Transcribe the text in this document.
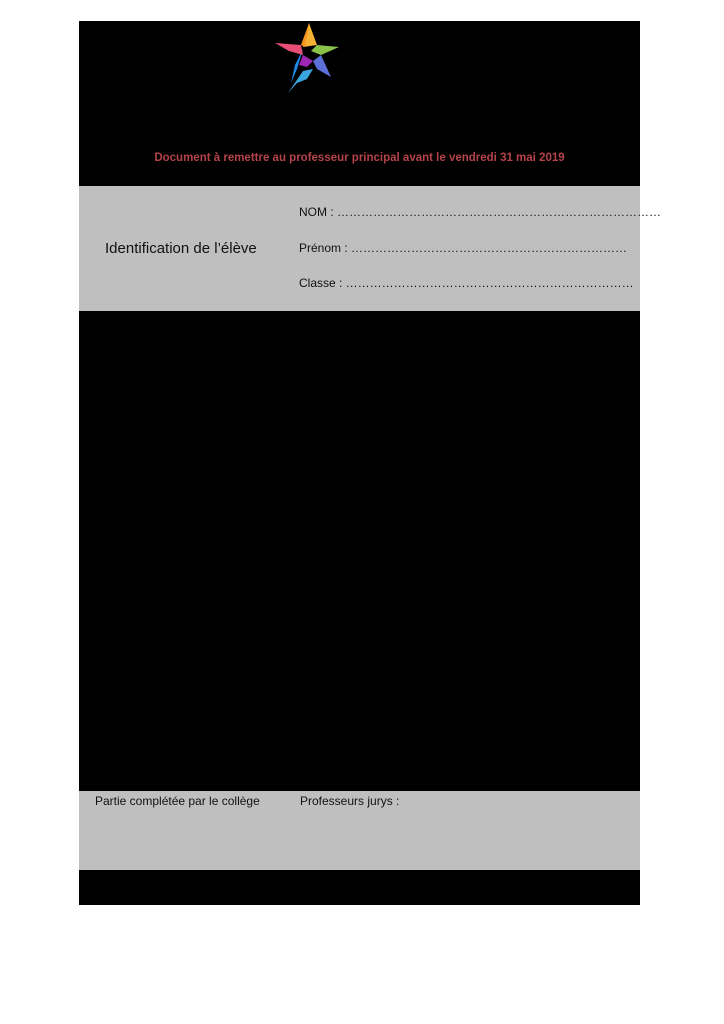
Document à remettre au professeur principal avant le vendredi 31 mai 2019
Identification de l’élève
NOM : ………………………………………………………………………
Prénom : ……………………………………………………………
Classe : ………………………………………………………………
Partie complétée par le collège	Professeurs jurys :
